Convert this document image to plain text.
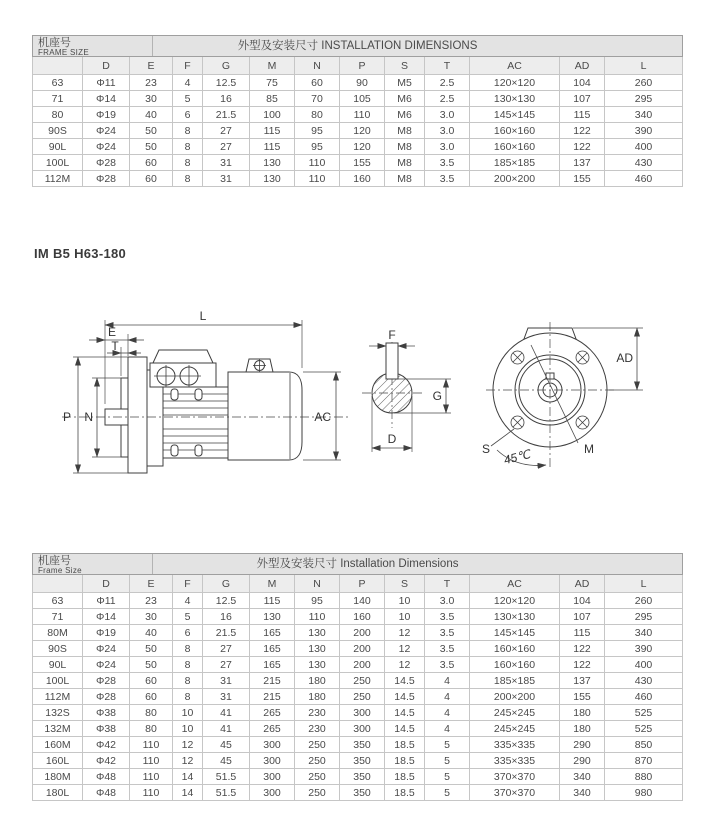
机座号
FRAME SIZE
外型及安装尺寸 INSTALLATION DIMENSIONS
	D	E	F	G	M	N	P	S	T	AC	AD	L
63	Φ11	23	4	12.5	75	60	90	M5	2.5	120×120	104	260
71	Φ14	30	5	16	85	70	105	M6	2.5	130×130	107	295
80	Φ19	40	6	21.5	100	80	110	M6	3.0	145×145	115	340
90S	Φ24	50	8	27	115	95	120	M8	3.0	160×160	122	390
90L	Φ24	50	8	27	115	95	120	M8	3.0	160×160	122	400
100L	Φ28	60	8	31	130	110	155	M8	3.5	185×185	137	430
112M	Φ28	60	8	31	130	110	160	M8	3.5	200×200	155	460
IM B5 H63-180
L
E
T
P N	AC
F
G
D
AD
S	M
45℃
机座号
Frame Size
外型及安装尺寸 Installation Dimensions
	D	E	F	G	M	N	P	S	T	AC	AD	L
63	Φ11	23	4	12.5	115	95	140	10	3.0	120×120	104	260
71	Φ14	30	5	16	130	110	160	10	3.5	130×130	107	295
80M	Φ19	40	6	21.5	165	130	200	12	3.5	145×145	115	340
90S	Φ24	50	8	27	165	130	200	12	3.5	160×160	122	390
90L	Φ24	50	8	27	165	130	200	12	3.5	160×160	122	400
100L	Φ28	60	8	31	215	180	250	14.5	4	185×185	137	430
112M	Φ28	60	8	31	215	180	250	14.5	4	200×200	155	460
132S	Φ38	80	10	41	265	230	300	14.5	4	245×245	180	525
132M	Φ38	80	10	41	265	230	300	14.5	4	245×245	180	525
160M	Φ42	110	12	45	300	250	350	18.5	5	335×335	290	850
160L	Φ42	110	12	45	300	250	350	18.5	5	335×335	290	870
180M	Φ48	110	14	51.5	300	250	350	18.5	5	370×370	340	880
180L	Φ48	110	14	51.5	300	250	350	18.5	5	370×370	340	980
